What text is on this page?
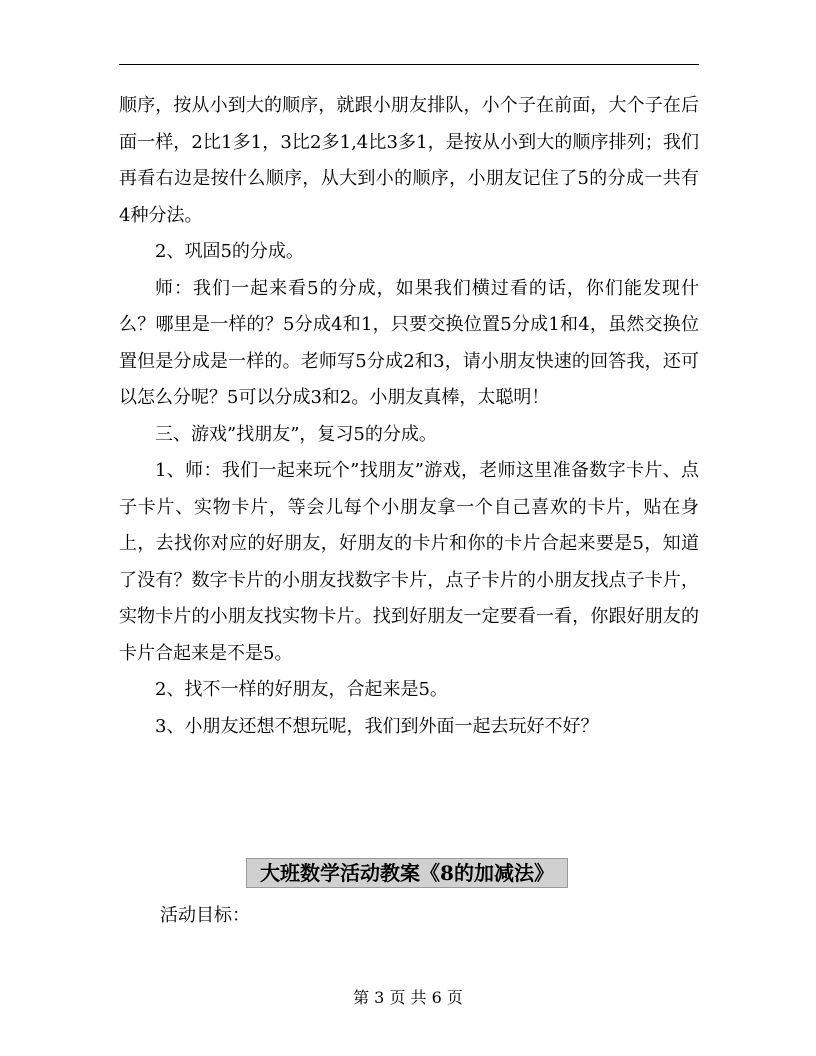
顺序，按从小到大的顺序，就跟小朋友排队，小个子在前面，大个子在后面一样，2比1多1，3比2多1,4比3多1，是按从小到大的顺序排列；我们再看右边是按什么顺序，从大到小的顺序，小朋友记住了5的分成一共有4种分法。

2、巩固5的分成。

师：我们一起来看5的分成，如果我们横过看的话，你们能发现什么？哪里是一样的？5分成4和1，只要交换位置5分成1和4，虽然交换位置但是分成是一样的。老师写5分成2和3，请小朋友快速的回答我，还可以怎么分呢？5可以分成3和2。小朋友真棒，太聪明！

三、游戏”找朋友”，复习5的分成。

1、师：我们一起来玩个”找朋友”游戏，老师这里准备数字卡片、点子卡片、实物卡片，等会儿每个小朋友拿一个自己喜欢的卡片，贴在身上，去找你对应的好朋友，好朋友的卡片和你的卡片合起来要是5，知道了没有？数字卡片的小朋友找数字卡片，点子卡片的小朋友找点子卡片，实物卡片的小朋友找实物卡片。找到好朋友一定要看一看，你跟好朋友的卡片合起来是不是5。

2、找不一样的好朋友，合起来是5。

3、小朋友还想不想玩呢，我们到外面一起去玩好不好？

大班数学活动教案《8的加减法》
活动目标：
第 3 页 共 6 页
